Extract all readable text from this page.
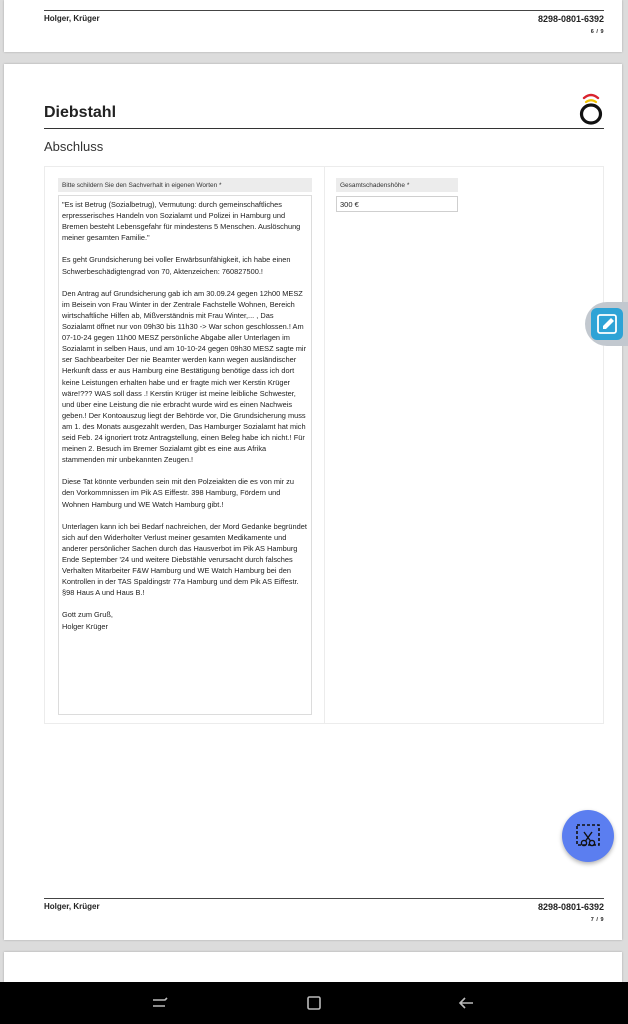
Holger, Krüger	8298-0801-6392
6 / 9
Diebstahl
Abschluss
Bitte schildern Sie den Sachverhalt in eigenen Worten *

"Es ist Betrug (Sozialbetrug), Vermutung: durch gemeinschaftliches erpresserisches Handeln von Sozialamt und Polizei in Hamburg und Bremen besteht Lebensgefahr für mindestens 5 Menschen. Auslöschung meiner gesamten Familie."

Es geht Grundsicherung bei voller Erwärbsunfähigkeit, ich habe einen Schwerbeschädigtengrad von 70, Aktenzeichen: 760827500.!

Den Antrag auf Grundsicherung gab ich am 30.09.24 gegen 12h00 MESZ im Beisein von Frau Winter in der Zentrale Fachstelle Wohnen, Bereich wirtschaftliche Hilfen ab, Mißverständnis mit Frau Winter,... , Das Sozialamt öffnet nur von 09h30 bis 11h30 -> War schon geschlossen.! Am 07-10-24 gegen 11h00 MESZ persönliche Abgabe aller Unterlagen im Sozialamt in selben Haus, und am 10-10-24 gegen 09h30 MESZ sagte mir ser Sachbearbeiter Der nie Beamter werden kann wegen ausländischer Herkunft dass er aus Hamburg eine Bestätigung benötige dass ich dort keine Leistungen erhalten habe und er fragte mich wer Kerstin Krüger wäre!??? WAS soll dass .! Kerstin Krüger ist meine leibliche Schwester, und über eine Leistung die nie erbracht wurde wird es einen Nachweis geben.! Der Kontoauszug liegt der Behörde vor, Die Grundsicherung muss am 1. des Monats ausgezahlt werden, Das Hamburger Sozialamt hat mich seid Feb. 24 ignoriert trotz Antragstellung, einen Beleg habe ich nicht.! Für meinen 2. Besuch im Bremer Sozialamt gibt es eine aus Afrika stammenden mir unbekannten Zeugen.!

Diese Tat könnte verbunden sein mit den Polzeiakten die es von mir zu den Vorkommnissen im Pik AS Eiffestr. 398 Hamburg, Fördern und Wohnen Hamburg und WE Watch Hamburg gibt.!

Unterlagen kann ich bei Bedarf nachreichen, der Mord Gedanke begründet sich auf den Widerholter Verlust meiner gesamten Medikamente und anderer persönlicher Sachen durch das Hausverbot im Pik AS Hamburg Ende September '24 und weitere Diebstähle verursacht durch falsches Verhalten Mitarbeiter F&W Hamburg und WE Watch Hamburg bei den Kontrollen in der TAS Spaldingstr 77a Hamburg und dem Pik AS Eiffestr. §98 Haus A und Haus B.!

Gott zum Gruß,
Holger Krüger

Gesamtschadenshöhe *
300 €
Holger, Krüger	8298-0801-6392
7 / 9
